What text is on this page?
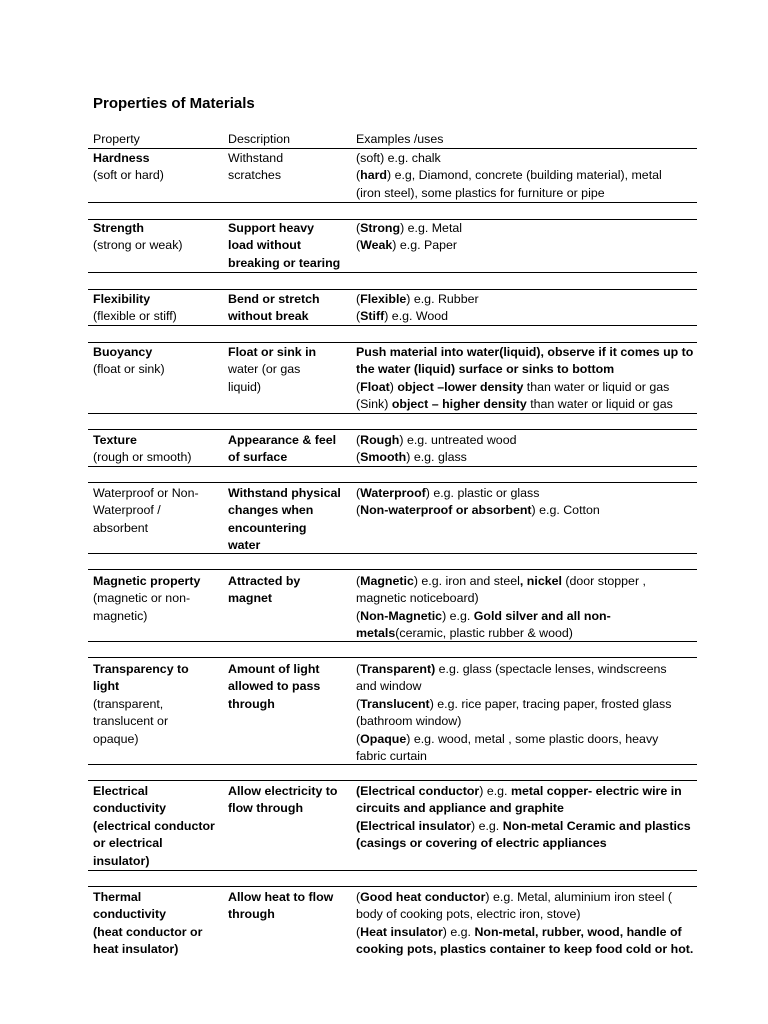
Properties of Materials
Property	Description	Examples /uses
Hardness
(soft or hard)
Withstand
scratches
(soft) e.g. chalk
(hard) e.g, Diamond, concrete (building material), metal
(iron steel), some plastics for furniture or pipe
Strength
(strong or weak)
Support heavy
load without
breaking or tearing
(Strong) e.g. Metal
(Weak) e.g. Paper
Flexibility
(flexible or stiff)
Bend or stretch
without break
(Flexible) e.g. Rubber
(Stiff) e.g. Wood
Buoyancy
(float or sink)
Float or sink in
water (or gas
liquid)
Push material into water(liquid), observe if it comes up to
the water (liquid) surface or sinks to bottom
(Float) object –lower density than water or liquid or gas
(Sink) object – higher density than water or liquid or gas
Texture
(rough or smooth)
Appearance & feel
of surface
(Rough) e.g. untreated wood
(Smooth) e.g. glass
Waterproof or Non-
Waterproof /
absorbent
Withstand physical
changes when
encountering
water
(Waterproof) e.g. plastic or glass
(Non-waterproof or absorbent) e.g. Cotton
Magnetic property
(magnetic or non-
magnetic)
Attracted by
magnet
(Magnetic) e.g. iron and steel, nickel (door stopper ,
magnetic noticeboard)
(Non-Magnetic) e.g. Gold silver and all non-
metals(ceramic, plastic rubber & wood)
Transparency to
light
(transparent,
translucent or
opaque)
Amount of light
allowed to pass
through
(Transparent) e.g. glass (spectacle lenses, windscreens
and window
(Translucent) e.g. rice paper, tracing paper, frosted glass
(bathroom window)
(Opaque) e.g. wood, metal , some plastic doors, heavy
fabric curtain
Electrical
conductivity
(electrical conductor
or electrical
insulator)
Allow electricity to
flow through
(Electrical conductor) e.g. metal copper- electric wire in
circuits and appliance and graphite
(Electrical insulator) e.g. Non-metal Ceramic and plastics
(casings or covering of electric appliances
Thermal
conductivity
(heat conductor or
heat insulator)
Allow heat to flow
through
(Good heat conductor) e.g. Metal, aluminium iron steel (
body of cooking pots, electric iron, stove)
(Heat insulator) e.g. Non-metal, rubber, wood, handle of
cooking pots, plastics container to keep food cold or hot.
